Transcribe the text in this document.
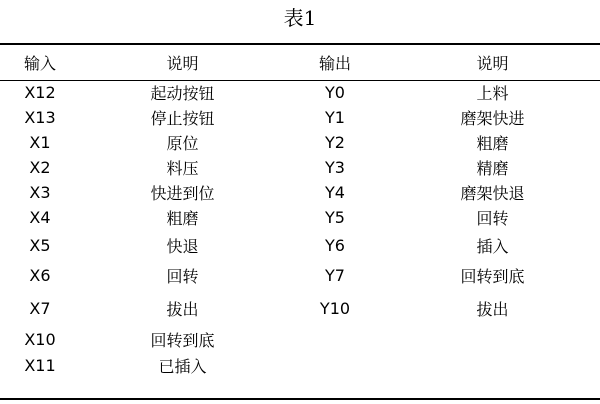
表1
输入	说明	输出	说明
X12	起动按钮	Y0	上料
X13	停止按钮	Y1	磨架快进
X1	原位	Y2	粗磨
X2	料压	Y3	精磨
X3	快进到位	Y4	磨架快退
X4	粗磨	Y5	回转
X5	快退	Y6	插入
X6	回转	Y7	回转到底
X7	拔出	Y10	拔出
X10	回转到底		
X11	已插入		
